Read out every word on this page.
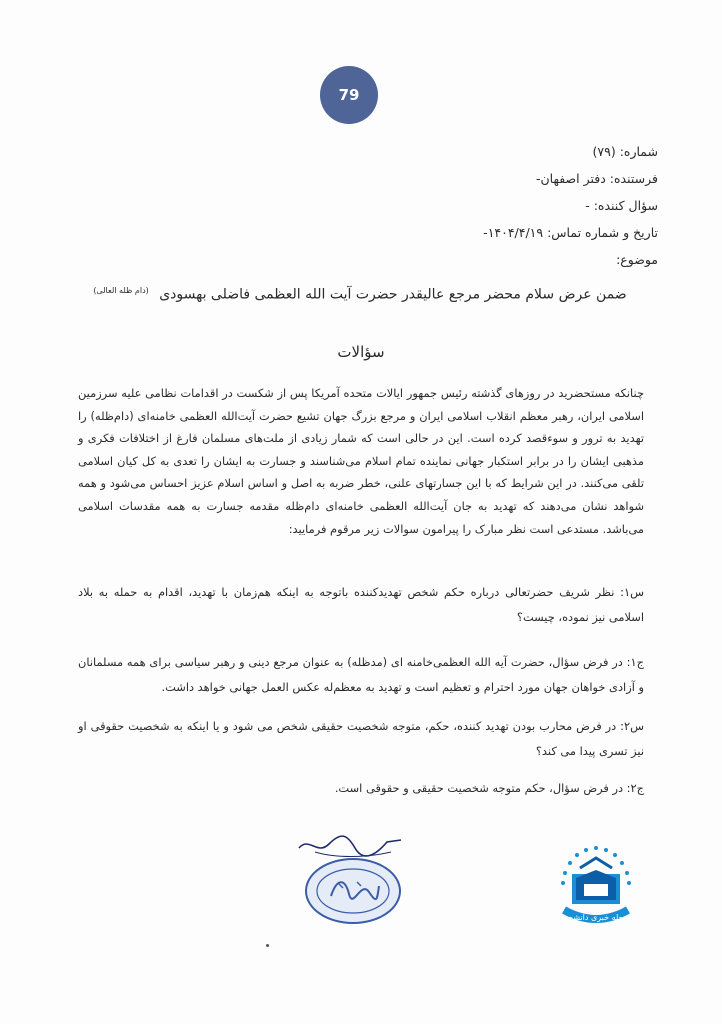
79
شماره: (۷۹)
فرستنده: دفتر اصفهان-
سؤال کننده: -
تاریخ و شماره تماس: ۱۴۰۴/۴/۱۹-
موضوع:
ضمن عرض سلام محضر مرجع عالیقدر حضرت آیت الله العظمی فاضلی بهسودی $^{(دام ظله العالی)}$
سؤالات
چنانکه مستحضرید در روزهای گذشته رئیس جمهور ایالات متحده آمریکا پس از شکست در اقدامات نظامی علیه سرزمین اسلامی ایران، رهبر معظم انقلاب اسلامی ایران و مرجع بزرگ جهان تشیع حضرت آیت‌الله العظمی خامنه‌ای (دام‌ظله) را تهدید به ترور و سوء‌قصد کرده است. این در حالی است که شمار زیادی از ملت‌های مسلمان فارغ از اختلافات فکری و مذهبی ایشان را در برابر استکبار جهانی نماینده تمام اسلام می‌شناسند و جسارت به ایشان را تعدی به کل کیان اسلامی تلقی می‌کنند. در این شرایط که با این جسارتهای علنی، خطر ضربه به اصل و اساس اسلام عزیز احساس می‌شود و همه شواهد نشان می‌دهند که تهدید به جان آیت‌الله العظمی خامنه‌ای دام‌ظله مقدمه جسارت به همه مقدسات اسلامی می‌باشد. مستدعی است نظر مبارک را پیرامون سوالات زیر مرقوم فرمایید:
س۱: نظر شریف حضرتعالی درباره حکم شخص تهدیدکننده باتوجه به اینکه هم‌زمان با تهدید، اقدام به حمله به بلاد اسلامی نیز نموده، چیست؟
ج۱: در فرض سؤال، حضرت آیه الله العظمی‌خامنه ای (مدظله) به عنوان مرجع دینی و رهبر سیاسی برای همه مسلمانان و آزادی خواهان جهان مورد احترام و تعظیم است و تهدید به معظم‌له عکس العمل جهانی خواهد داشت.
س۲: در فرض محارب بودن تهدید کننده، حکم، متوجه شخصیت حقیقی شخص می شود و یا اینکه به شخصیت حقوقی او نیز تسری پیدا می کند؟
ج۲: در فرض سؤال، حکم متوجه شخصیت حقیقی و حقوقی است.
مجله خبری دانشجو
